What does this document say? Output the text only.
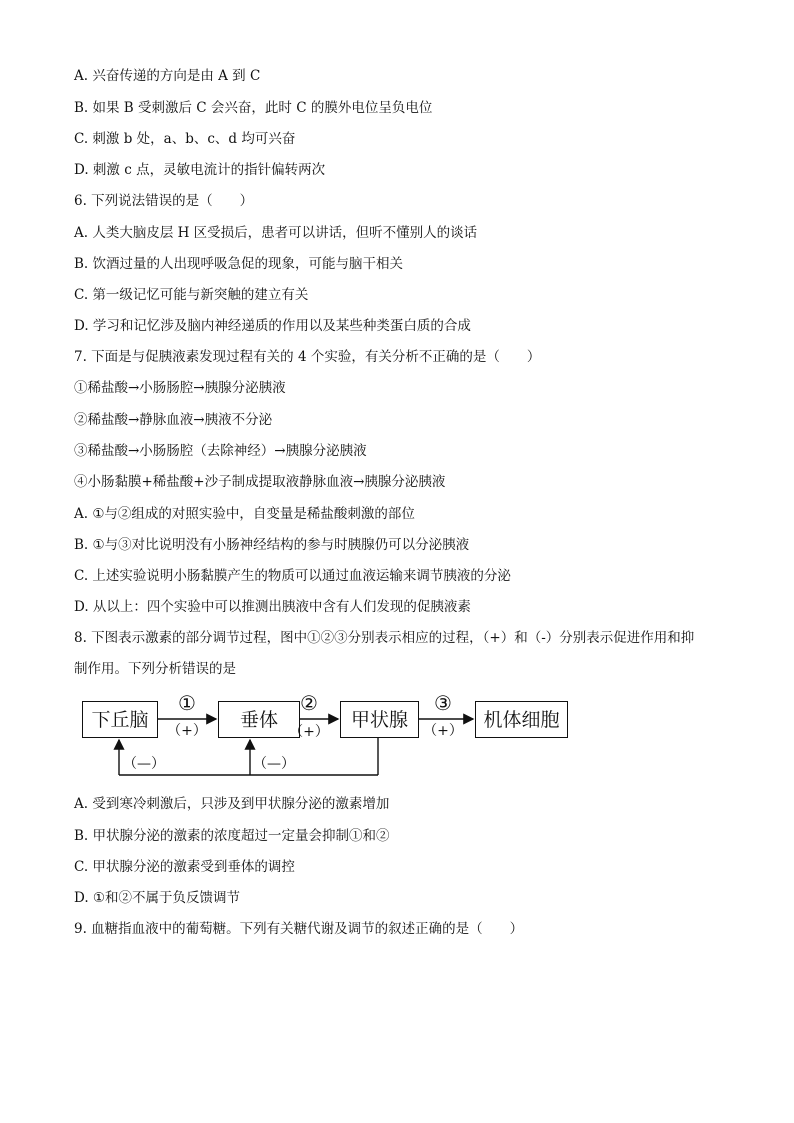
A. 兴奋传递的方向是由 A 到 C
B. 如果 B 受刺激后 C 会兴奋，此时 C 的膜外电位呈负电位
C. 刺激 b 处，a、b、c、d 均可兴奋
D. 刺激 c 点，灵敏电流计的指针偏转两次
6. 下列说法错误的是（　　）
A. 人类大脑皮层 H 区受损后，患者可以讲话，但听不懂别人的谈话
B. 饮酒过量的人出现呼吸急促的现象，可能与脑干相关
C. 第一级记忆可能与新突触的建立有关
D. 学习和记忆涉及脑内神经递质的作用以及某些种类蛋白质的合成
7. 下面是与促胰液素发现过程有关的 4 个实验，有关分析不正确的是（　　）
①稀盐酸→小肠肠腔→胰腺分泌胰液
②稀盐酸→静脉血液→胰液不分泌
③稀盐酸→小肠肠腔（去除神经）→胰腺分泌胰液
④小肠黏膜+稀盐酸+沙子制成提取液静脉血液→胰腺分泌胰液
A. ①与②组成的对照实验中，自变量是稀盐酸刺激的部位
B. ①与③对比说明没有小肠神经结构的参与时胰腺仍可以分泌胰液
C. 上述实验说明小肠黏膜产生的物质可以通过血液运输来调节胰液的分泌
D. 从以上：四个实验中可以推测出胰液中含有人们发现的促胰液素
8. 下图表示激素的部分调节过程，图中①②③分别表示相应的过程，（+）和（-）分别表示促进作用和抑
制作用。下列分析错误的是
下丘脑	垂体	甲状腺	机体细胞
①	②	③
（+）	（+）	（+）
（—）	（—）
A. 受到寒冷刺激后，只涉及到甲状腺分泌的激素增加
B. 甲状腺分泌的激素的浓度超过一定量会抑制①和②
C. 甲状腺分泌的激素受到垂体的调控
D. ①和②不属于负反馈调节
9. 血糖指血液中的葡萄糖。下列有关糖代谢及调节的叙述正确的是（　　）
